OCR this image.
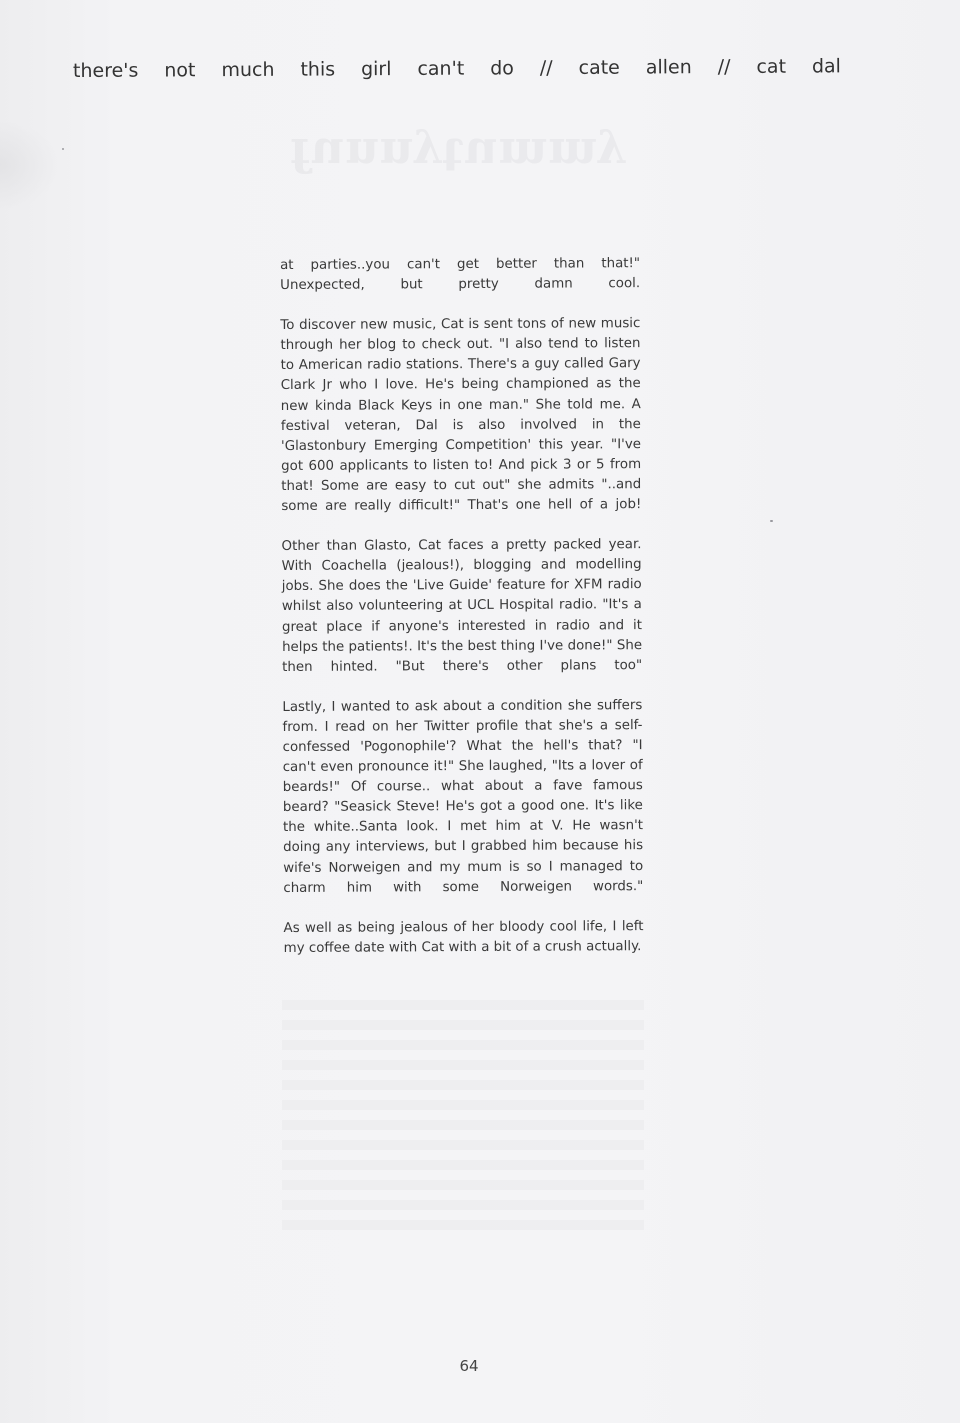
funnytummy
there's not much this girl can't do // cate allen // cat dal

at parties..you can't get better than that!" Unexpected, but pretty damn cool.

To discover new music, Cat is sent tons of new music through her blog to check out. "I also tend to listen to American radio stations. There's a guy called Gary Clark Jr who I love. He's being championed as the new kinda Black Keys in one man." She told me. A festival veteran, Dal is also involved in the 'Glastonbury Emerging Competition' this year. "I've got 600 applicants to listen to! And pick 3 or 5 from that! Some are easy to cut out" she admits "..and some are really difficult!" That's one hell of a job!

Other than Glasto, Cat faces a pretty packed year. With Coachella (jealous!), blogging and modelling jobs. She does the 'Live Guide' feature for XFM radio whilst also volunteering at UCL Hospital radio. "It's a great place if anyone's interested in radio and it helps the patients!. It's the best thing I've done!" She then hinted. "But there's other plans too"

Lastly, I wanted to ask about a condition she suffers from. I read on her Twitter profile that she's a self-confessed 'Pogonophile'? What the hell's that? "I can't even pronounce it!" She laughed, "Its a lover of beards!" Of course.. what about a fave famous beard? "Seasick Steve! He's got a good one. It's like the white..Santa look. I met him at V. He wasn't doing any interviews, but I grabbed him because his wife's Norweigen and my mum is so I managed to charm him with some Norweigen words."

As well as being jealous of her bloody cool life, I left my coffee date with Cat with a bit of a crush actually.

64
